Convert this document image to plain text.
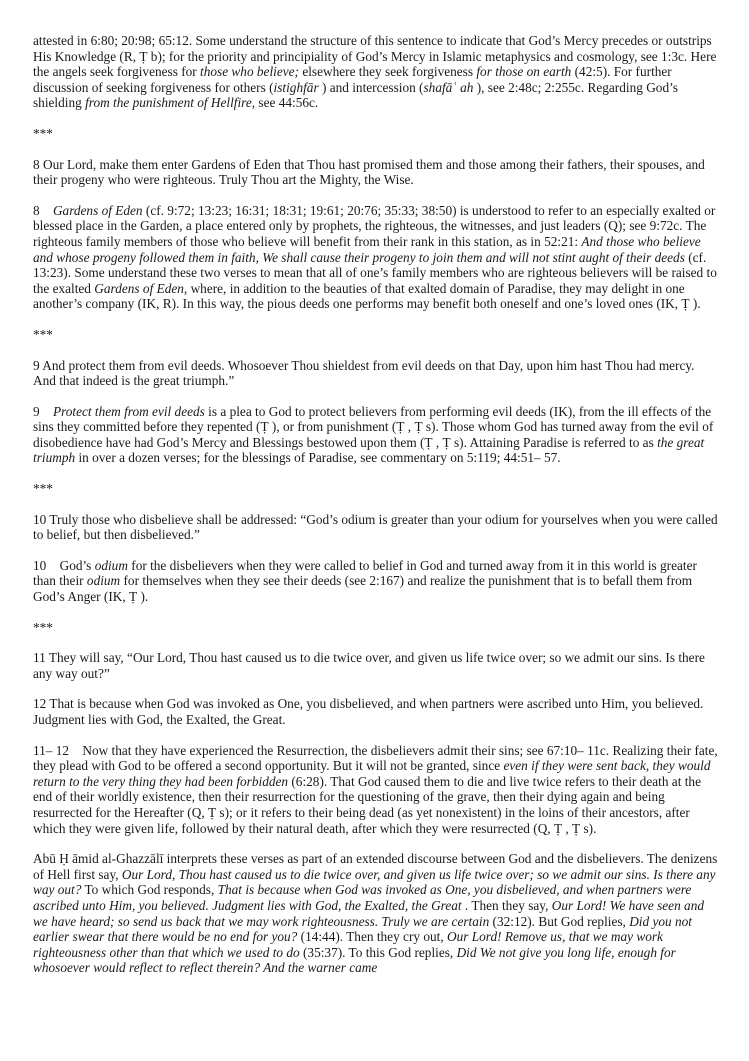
attested in 6:80; 20:98; 65:12. Some understand the structure of this sentence to indicate that God’s Mercy precedes or outstrips His Knowledge (R, Ṭ b); for the priority and principiality of God’s Mercy in Islamic metaphysics and cosmology, see 1:3c. Here the angels seek forgiveness for those who believe; elsewhere they seek forgiveness for those on earth (42:5). For further discussion of seeking forgiveness for others (istighfār ) and intercession (shafāʿ ah ), see 2:48c; 2:255c. Regarding God’s shielding from the punishment of Hellfire, see 44:56c.

***

8 Our Lord, make them enter Gardens of Eden that Thou hast promised them and those among their fathers, their spouses, and their progeny who were righteous. Truly Thou art the Mighty, the Wise.

8    Gardens of Eden (cf. 9:72; 13:23; 16:31; 18:31; 19:61; 20:76; 35:33; 38:50) is understood to refer to an especially exalted or blessed place in the Garden, a place entered only by prophets, the righteous, the witnesses, and just leaders (Q); see 9:72c. The righteous family members of those who believe will benefit from their rank in this station, as in 52:21: And those who believe and whose progeny followed them in faith, We shall cause their progeny to join them and will not stint aught of their deeds (cf. 13:23). Some understand these two verses to mean that all of one’s family members who are righteous believers will be raised to the exalted Gardens of Eden, where, in addition to the beauties of that exalted domain of Paradise, they may delight in one another’s company (IK, R). In this way, the pious deeds one performs may benefit both oneself and one’s loved ones (IK, Ṭ ).

***

9 And protect them from evil deeds. Whosoever Thou shieldest from evil deeds on that Day, upon him hast Thou had mercy. And that indeed is the great triumph.”

9    Protect them from evil deeds is a plea to God to protect believers from performing evil deeds (IK), from the ill effects of the sins they committed before they repented (Ṭ ), or from punishment (Ṭ , Ṭ s). Those whom God has turned away from the evil of disobedience have had God’s Mercy and Blessings bestowed upon them (Ṭ , Ṭ s). Attaining Paradise is referred to as the great triumph in over a dozen verses; for the blessings of Paradise, see commentary on 5:119; 44:51– 57.

***

10 Truly those who disbelieve shall be addressed: “God’s odium is greater than your odium for yourselves when you were called to belief, but then disbelieved.”

10    God’s odium for the disbelievers when they were called to belief in God and turned away from it in this world is greater than their odium for themselves when they see their deeds (see 2:167) and realize the punishment that is to befall them from God’s Anger (IK, Ṭ ).

***

11 They will say, “Our Lord, Thou hast caused us to die twice over, and given us life twice over; so we admit our sins. Is there any way out?”

12 That is because when God was invoked as One, you disbelieved, and when partners were ascribed unto Him, you believed. Judgment lies with God, the Exalted, the Great.

11– 12    Now that they have experienced the Resurrection, the disbelievers admit their sins; see 67:10– 11c. Realizing their fate, they plead with God to be offered a second opportunity. But it will not be granted, since even if they were sent back, they would return to the very thing they had been forbidden (6:28). That God caused them to die and live twice refers to their death at the end of their worldly existence, then their resurrection for the questioning of the grave, then their dying again and being resurrected for the Hereafter (Q, Ṭ s); or it refers to their being dead (as yet nonexistent) in the loins of their ancestors, after which they were given life, followed by their natural death, after which they were resurrected (Q, Ṭ , Ṭ s).

Abū Ḥ āmid al-Ghazzālī interprets these verses as part of an extended discourse between God and the disbelievers. The denizens of Hell first say, Our Lord, Thou hast caused us to die twice over, and given us life twice over; so we admit our sins. Is there any way out? To which God responds, That is because when God was invoked as One, you disbelieved, and when partners were ascribed unto Him, you believed. Judgment lies with God, the Exalted, the Great . Then they say, Our Lord! We have seen and we have heard; so send us back that we may work righteousness. Truly we are certain (32:12). But God replies, Did you not earlier swear that there would be no end for you? (14:44). Then they cry out, Our Lord! Remove us, that we may work righteousness other than that which we used to do (35:37). To this God replies, Did We not give you long life, enough for whosoever would reflect to reflect therein? And the warner came
